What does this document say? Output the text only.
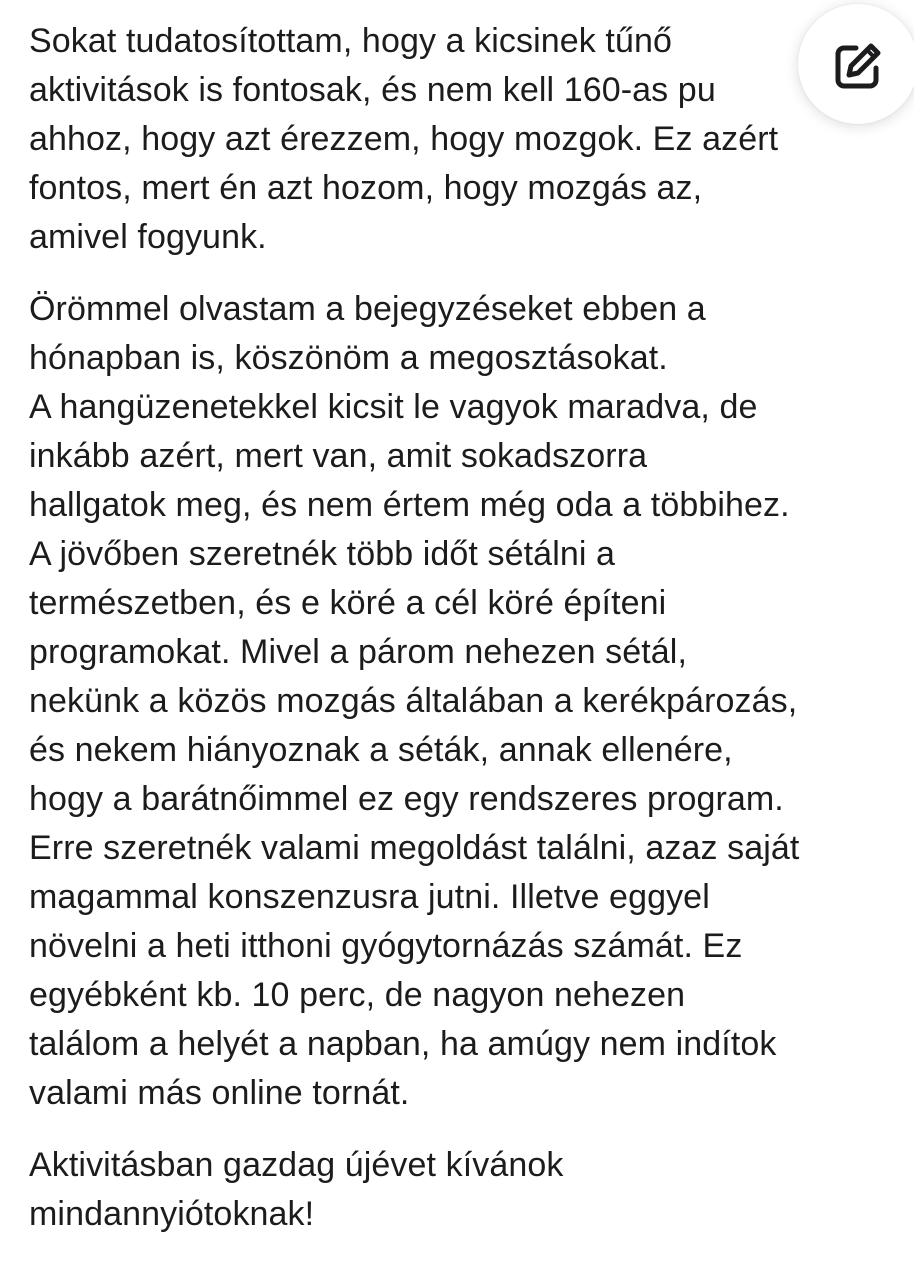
Sokat tudatosítottam, hogy a kicsinek tűnő
aktivitások is fontosak, és nem kell 160-as pu
ahhoz, hogy azt érezzem, hogy mozgok. Ez azért
fontos, mert én azt hozom, hogy mozgás az,
amivel fogyunk.
Örömmel olvastam a bejegyzéseket ebben a
hónapban is, köszönöm a megosztásokat.
A hangüzenetekkel kicsit le vagyok maradva, de
inkább azért, mert van, amit sokadszorra
hallgatok meg, és nem értem még oda a többihez.
A jövőben szeretnék több időt sétálni a
természetben, és e köré a cél köré építeni
programokat. Mivel a párom nehezen sétál,
nekünk a közös mozgás általában a kerékpározás,
és nekem hiányoznak a séták, annak ellenére,
hogy a barátnőimmel ez egy rendszeres program.
Erre szeretnék valami megoldást találni, azaz saját
magammal konszenzusra jutni. Illetve eggyel
növelni a heti itthoni gyógytornázás számát. Ez
egyébként kb. 10 perc, de nagyon nehezen
találom a helyét a napban, ha amúgy nem indítok
valami más online tornát.
Aktivitásban gazdag újévet kívánok
mindannyiótoknak!
